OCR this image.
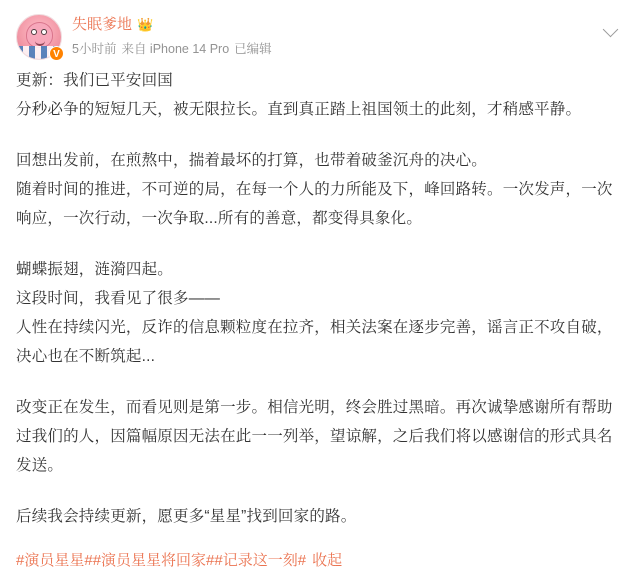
V
失眠爹地 👑
5小时前 来自 iPhone 14 Pro 已编辑

更新：我们已平安回国

分秒必争的短短几天，被无限拉长。直到真正踏上祖国领土的此刻，才稍感平静。

回想出发前，在煎熬中，揣着最坏的打算，也带着破釜沉舟的决心。

随着时间的推进，不可逆的局，在每一个人的力所能及下，峰回路转。一次发声，一次响应，一次行动，一次争取...所有的善意，都变得具象化。

蝴蝶振翅，涟漪四起。

这段时间，我看见了很多——

人性在持续闪光，反诈的信息颗粒度在拉齐，相关法案在逐步完善，谣言正不攻自破，决心也在不断筑起...

改变正在发生，而看见则是第一步。相信光明，终会胜过黑暗。再次诚挚感谢所有帮助过我们的人，因篇幅原因无法在此一一列举，望谅解，之后我们将以感谢信的形式具名发送。

后续我会持续更新，愿更多“星星”找到回家的路。

#演员星星##演员星星将回家##记录这一刻# 收起
